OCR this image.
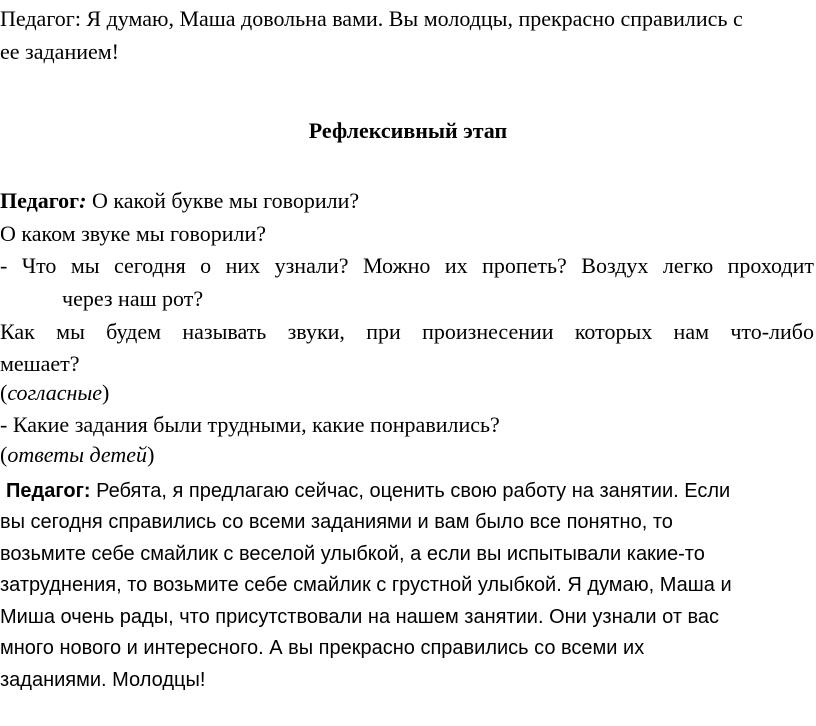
Педагог: Я думаю, Маша довольна вами. Вы молодцы, прекрасно справились с
ее заданием!
Рефлексивный этап
Педагог: О какой букве мы говорили?
О каком звуке мы говорили?
- Что мы сегодня о них узнали? Можно их пропеть? Воздух легко проходит
через наш рот?
Как мы будем называть звуки, при произнесении которых нам что-либо
мешает?
(согласные)
- Какие задания были трудными, какие понравились?
(ответы детей)
Педагог: Ребята, я предлагаю сейчас, оценить свою работу на занятии. Если
вы сегодня справились со всеми заданиями и вам было все понятно, то
возьмите себе смайлик с веселой улыбкой, а если вы испытывали какие-то
затруднения, то возьмите себе смайлик с грустной улыбкой. Я думаю, Маша и
Миша очень рады, что присутствовали на нашем занятии. Они узнали от вас
много нового и интересного. А вы прекрасно справились со всеми их
заданиями. Молодцы!
